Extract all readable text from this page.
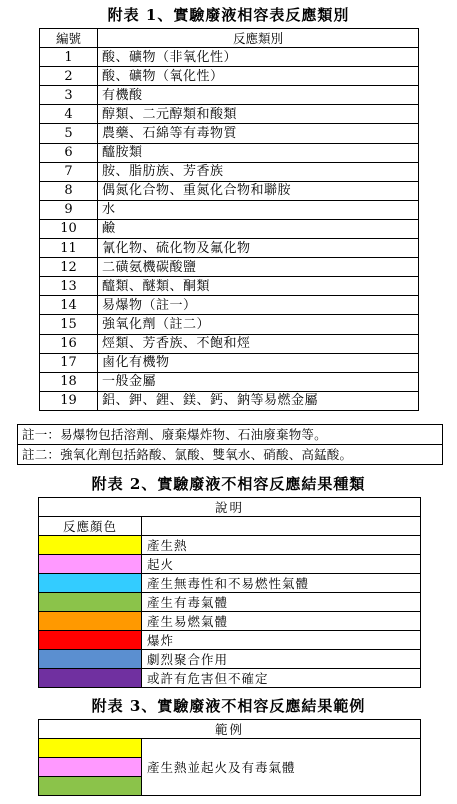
附表 1、實驗廢液相容表反應類別
編號	反應類別
1	酸、礦物（非氧化性）
2	酸、礦物（氧化性）
3	有機酸
4	醇類、二元醇類和酸類
5	農藥、石綿等有毒物質
6	醯胺類
7	胺、脂肪族、芳香族
8	偶氮化合物、重氮化合物和聯胺
9	水
10	鹼
11	氰化物、硫化物及氟化物
12	二磺氨機碳酸鹽
13	醯類、醚類、酮類
14	易爆物（註一）
15	強氧化劑（註二）
16	烴類、芳香族、不飽和烴
17	鹵化有機物
18	一般金屬
19	鋁、鉀、鋰、鎂、鈣、鈉等易燃金屬
註一：易爆物包括溶劑、廢棄爆炸物、石油廢棄物等。
註二：強氧化劑包括鉻酸、氯酸、雙氧水、硝酸、高錳酸。
附表 2、實驗廢液不相容反應結果種類
說明	
反應顏色	
	產生熱
	起火
	產生無毒性和不易燃性氣體
	產生有毒氣體
	產生易燃氣體
	爆炸
	劇烈聚合作用
	或許有危害但不確定
附表 3、實驗廢液不相容反應結果範例
範例
	產生熱並起火及有毒氣體
